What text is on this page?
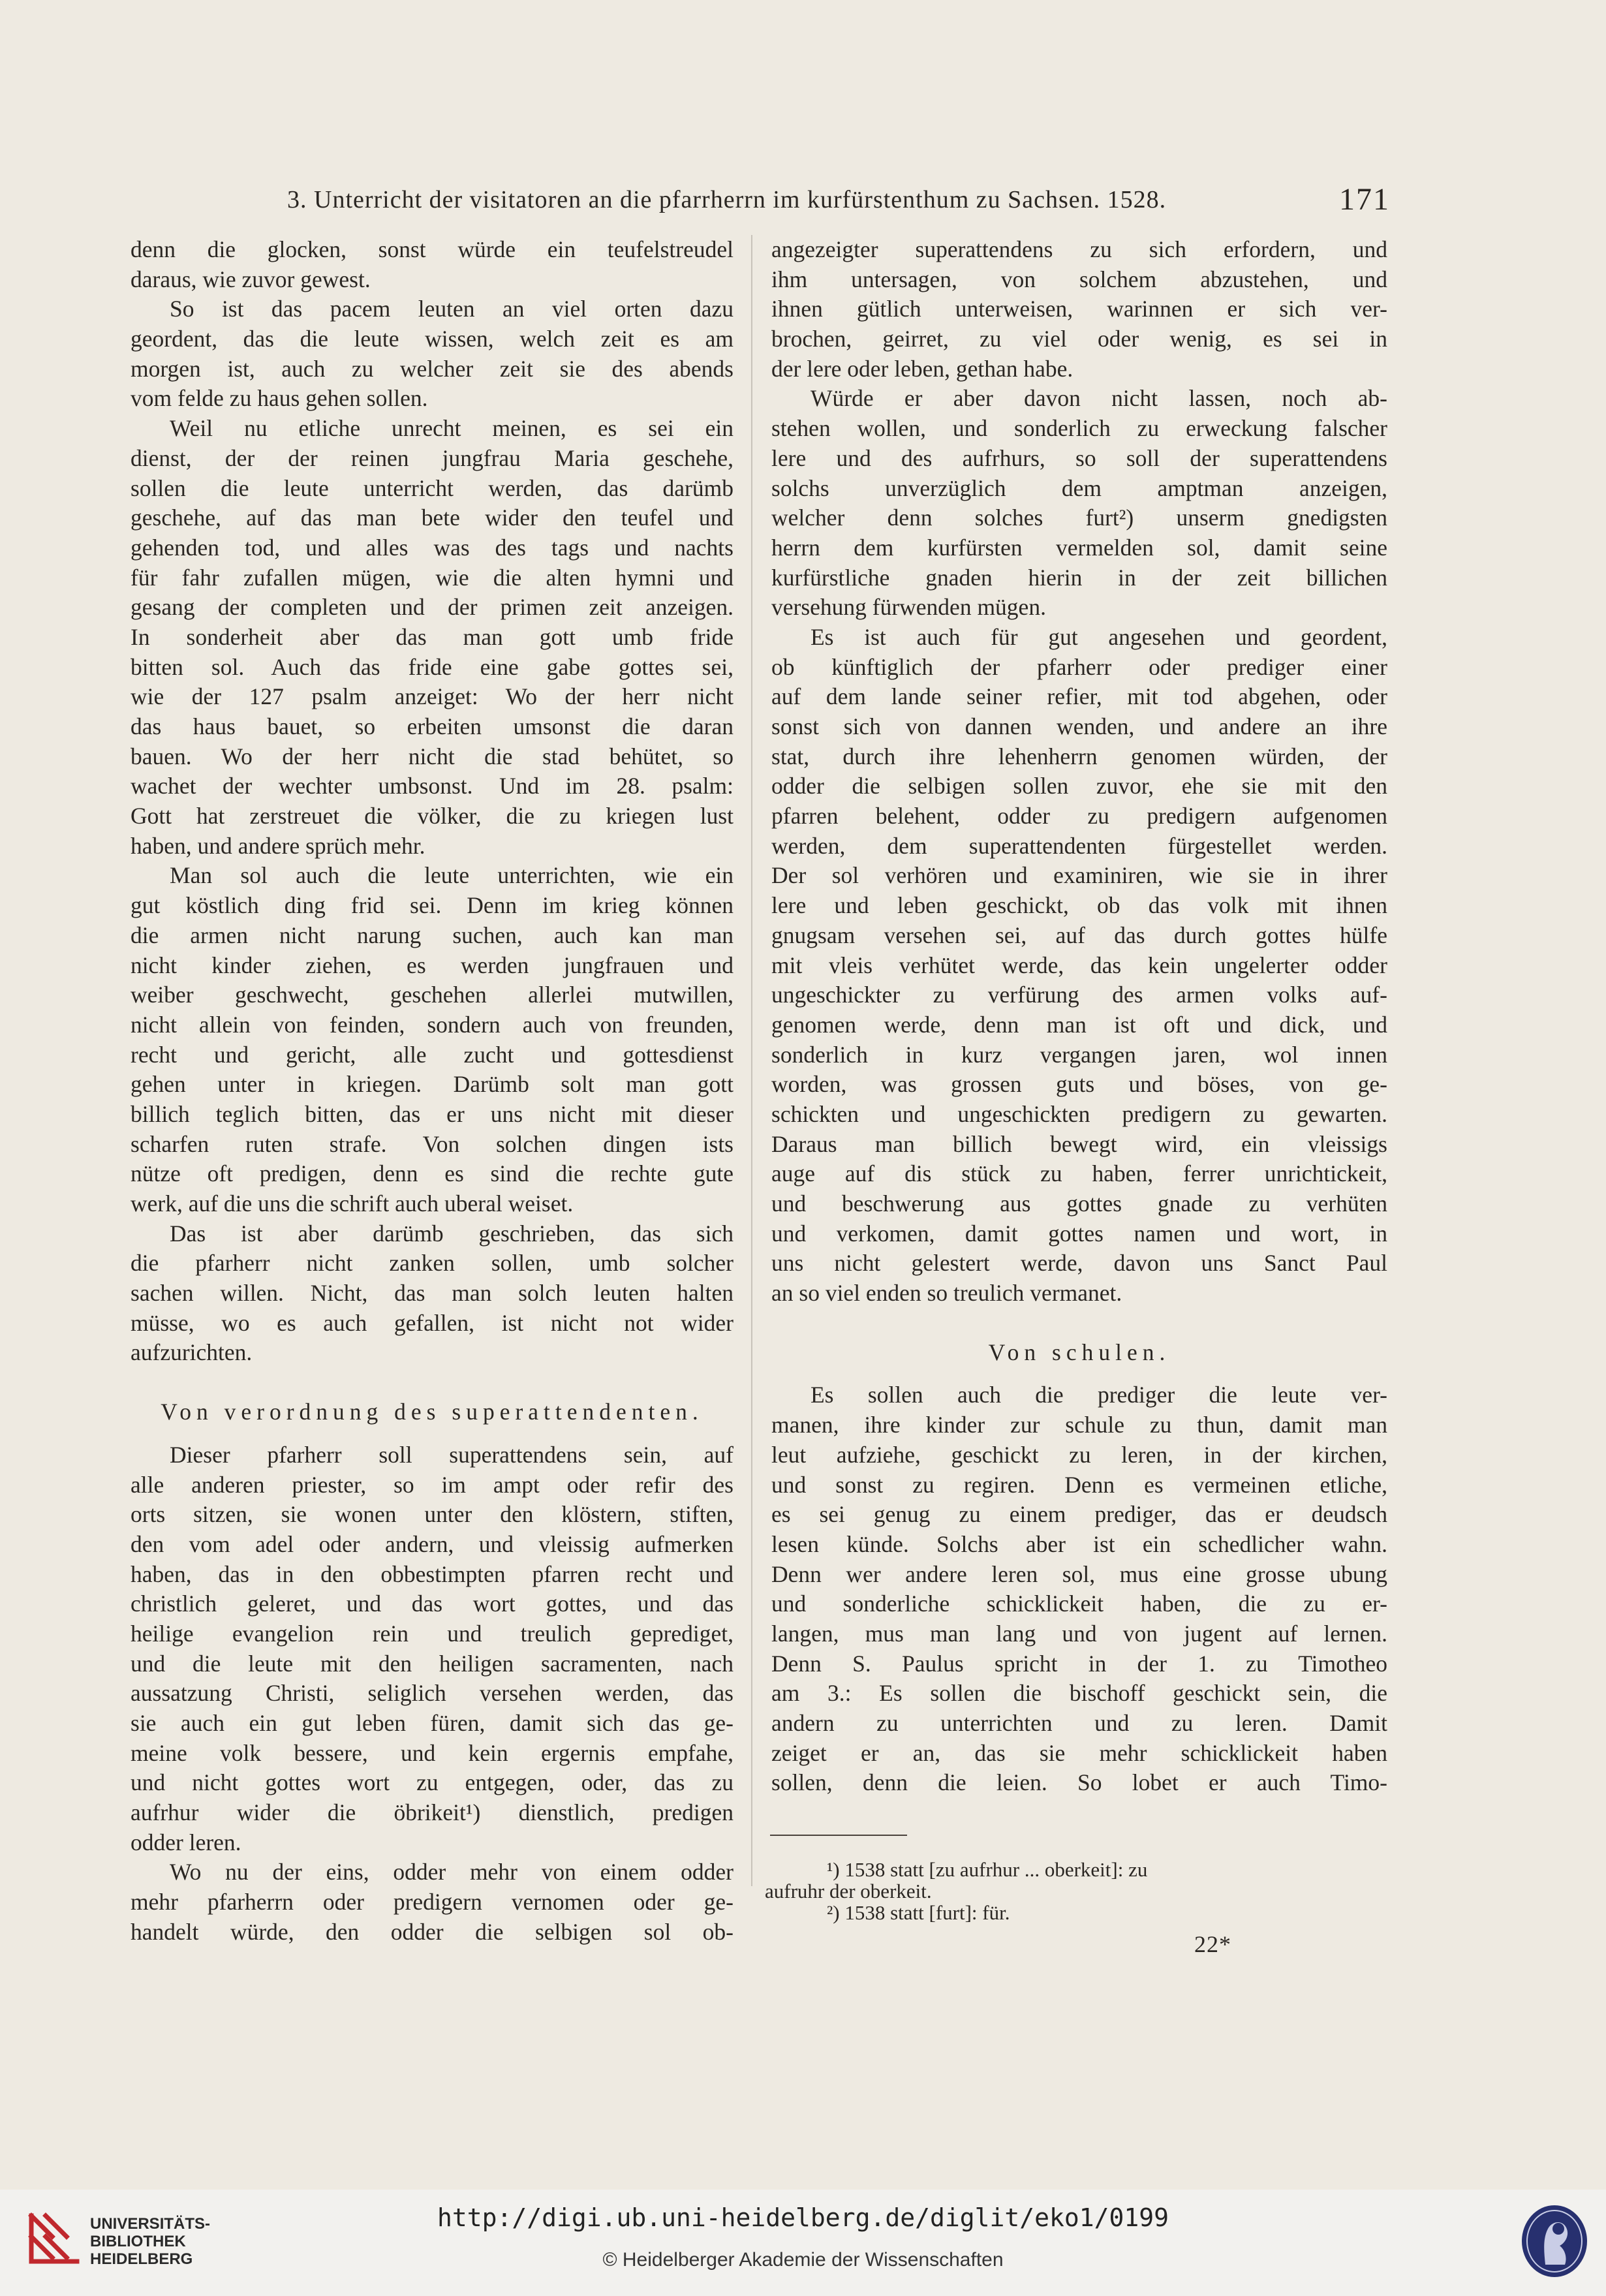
3. Unterricht der visitatoren an die pfarrherrn im kurfürstenthum zu Sachsen. 1528.	171
denn die glocken, sonst würde ein teufelstreudel
daraus, wie zuvor gewest.
So ist das pacem leuten an viel orten dazu
geordent, das die leute wissen, welch zeit es am
morgen ist, auch zu welcher zeit sie des abends
vom felde zu haus gehen sollen.
Weil nu etliche unrecht meinen, es sei ein
dienst, der der reinen jungfrau Maria geschehe,
sollen die leute unterricht werden, das darümb
geschehe, auf das man bete wider den teufel und
gehenden tod, und alles was des tags und nachts
für fahr zufallen mügen, wie die alten hymni und
gesang der completen und der primen zeit anzeigen.
In sonderheit aber das man gott umb fride
bitten sol. Auch das fride eine gabe gottes sei,
wie der 127 psalm anzeiget: Wo der herr nicht
das haus bauet, so erbeiten umsonst die daran
bauen. Wo der herr nicht die stad behütet, so
wachet der wechter umbsonst. Und im 28. psalm:
Gott hat zerstreuet die völker, die zu kriegen lust
haben, und andere sprüch mehr.
Man sol auch die leute unterrichten, wie ein
gut köstlich ding frid sei. Denn im krieg können
die armen nicht narung suchen, auch kan man
nicht kinder ziehen, es werden jungfrauen und
weiber geschwecht, geschehen allerlei mutwillen,
nicht allein von feinden, sondern auch von freunden,
recht und gericht, alle zucht und gottesdienst
gehen unter in kriegen. Darümb solt man gott
billich teglich bitten, das er uns nicht mit dieser
scharfen ruten strafe. Von solchen dingen ists
nütze oft predigen, denn es sind die rechte gute
werk, auf die uns die schrift auch uberal weiset.
Das ist aber darümb geschrieben, das sich
die pfarherr nicht zanken sollen, umb solcher
sachen willen. Nicht, das man solch leuten halten
müsse, wo es auch gefallen, ist nicht not wider
aufzurichten.
Von verordnung des superattendenten.
Dieser pfarherr soll superattendens sein, auf
alle anderen priester, so im ampt oder refir des
orts sitzen, sie wonen unter den klöstern, stiften,
den vom adel oder andern, und vleissig aufmerken
haben, das in den obbestimpten pfarren recht und
christlich geleret, und das wort gottes, und das
heilige evangelion rein und treulich geprediget,
und die leute mit den heiligen sacramenten, nach
aussatzung Christi, seliglich versehen werden, das
sie auch ein gut leben füren, damit sich das ge-
meine volk bessere, und kein ergernis empfahe,
und nicht gottes wort zu entgegen, oder, das zu
aufrhur wider die öbrikeit¹) dienstlich, predigen
odder leren.
Wo nu der eins, odder mehr von einem odder
mehr pfarherrn oder predigern vernomen oder ge-
handelt würde, den odder die selbigen sol ob-
angezeigter superattendens zu sich erfordern, und
ihm untersagen, von solchem abzustehen, und
ihnen gütlich unterweisen, warinnen er sich ver-
brochen, geirret, zu viel oder wenig, es sei in
der lere oder leben, gethan habe.
Würde er aber davon nicht lassen, noch ab-
stehen wollen, und sonderlich zu erweckung falscher
lere und des aufrhurs, so soll der superattendens
solchs unverzüglich dem amptman anzeigen,
welcher denn solches furt²) unserm gnedigsten
herrn dem kurfürsten vermelden sol, damit seine
kurfürstliche gnaden hierin in der zeit billichen
versehung fürwenden mügen.
Es ist auch für gut angesehen und geordent,
ob künftiglich der pfarherr oder prediger einer
auf dem lande seiner refier, mit tod abgehen, oder
sonst sich von dannen wenden, und andere an ihre
stat, durch ihre lehenherrn genomen würden, der
odder die selbigen sollen zuvor, ehe sie mit den
pfarren belehent, odder zu predigern aufgenomen
werden, dem superattendenten fürgestellet werden.
Der sol verhören und examiniren, wie sie in ihrer
lere und leben geschickt, ob das volk mit ihnen
gnugsam versehen sei, auf das durch gottes hülfe
mit vleis verhütet werde, das kein ungelerter odder
ungeschickter zu verfürung des armen volks auf-
genomen werde, denn man ist oft und dick, und
sonderlich in kurz vergangen jaren, wol innen
worden, was grossen guts und böses, von ge-
schickten und ungeschickten predigern zu gewarten.
Daraus man billich bewegt wird, ein vleissigs
auge auf dis stück zu haben, ferrer unrichtickeit,
und beschwerung aus gottes gnade zu verhüten
und verkomen, damit gottes namen und wort, in
uns nicht gelestert werde, davon uns Sanct Paul
an so viel enden so treulich vermanet.
Von schulen.
Es sollen auch die prediger die leute ver-
manen, ihre kinder zur schule zu thun, damit man
leut aufziehe, geschickt zu leren, in der kirchen,
und sonst zu regiren. Denn es vermeinen etliche,
es sei genug zu einem prediger, das er deudsch
lesen künde. Solchs aber ist ein schedlicher wahn.
Denn wer andere leren sol, mus eine grosse ubung
und sonderliche schicklickeit haben, die zu er-
langen, mus man lang und von jugent auf lernen.
Denn S. Paulus spricht in der 1. zu Timotheo
am 3.: Es sollen die bischoff geschickt sein, die
andern zu unterrichten und zu leren. Damit
zeiget er an, das sie mehr schicklickeit haben
sollen, denn die leien. So lobet er auch Timo-
¹) 1538 statt [zu aufrhur ... oberkeit]: zu
aufruhr der oberkeit.
²) 1538 statt [furt]: für.
22*
UNIVERSITÄTS-
BIBLIOTHEK
HEIDELBERG
http://digi.ub.uni-heidelberg.de/diglit/eko1/0199
© Heidelberger Akademie der Wissenschaften
